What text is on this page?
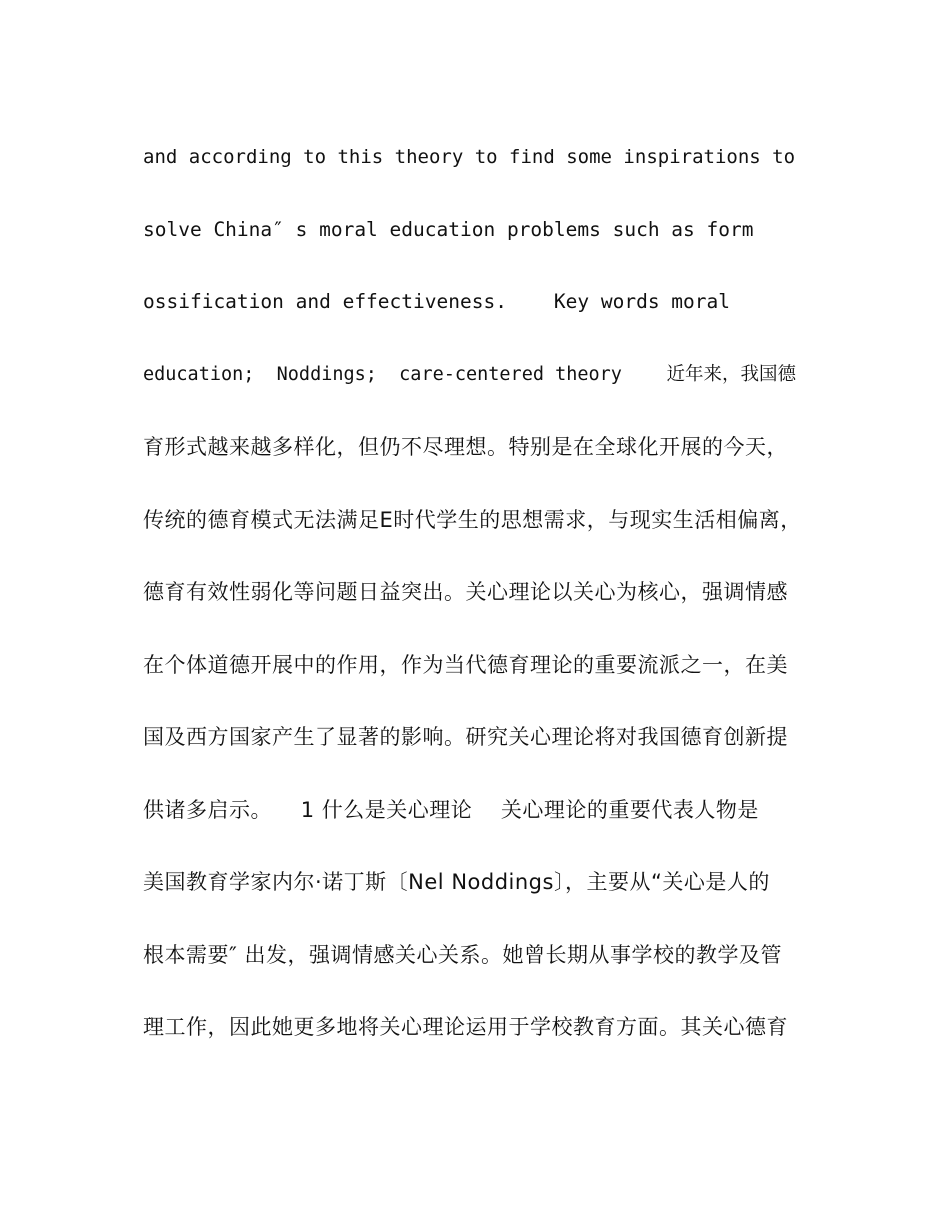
and according to this theory to find some inspirations to
solve China″ s moral education problems such as form
ossification and effectiveness.    Key words moral
education;  Noddings;  care-centered theory    近年来，我国德
育形式越来越多样化，但仍不尽理想。特别是在全球化开展的今天，
传统的德育模式无法满足E时代学生的思想需求，与现实生活相偏离，
德育有效性弱化等问题日益突出。关心理论以关心为核心，强调情感
在个体道德开展中的作用，作为当代德育理论的重要流派之一，在美
国及西方国家产生了显著的影响。研究关心理论将对我国德育创新提
供诸多启示。    1 什么是关心理论    关心理论的重要代表人物是
美国教育学家内尔·诺丁斯〔Nel Noddings〕，主要从“关心是人的
根本需要″ 出发，强调情感关心关系。她曾长期从事学校的教学及管
理工作，因此她更多地将关心理论运用于学校教育方面。其关心德育
